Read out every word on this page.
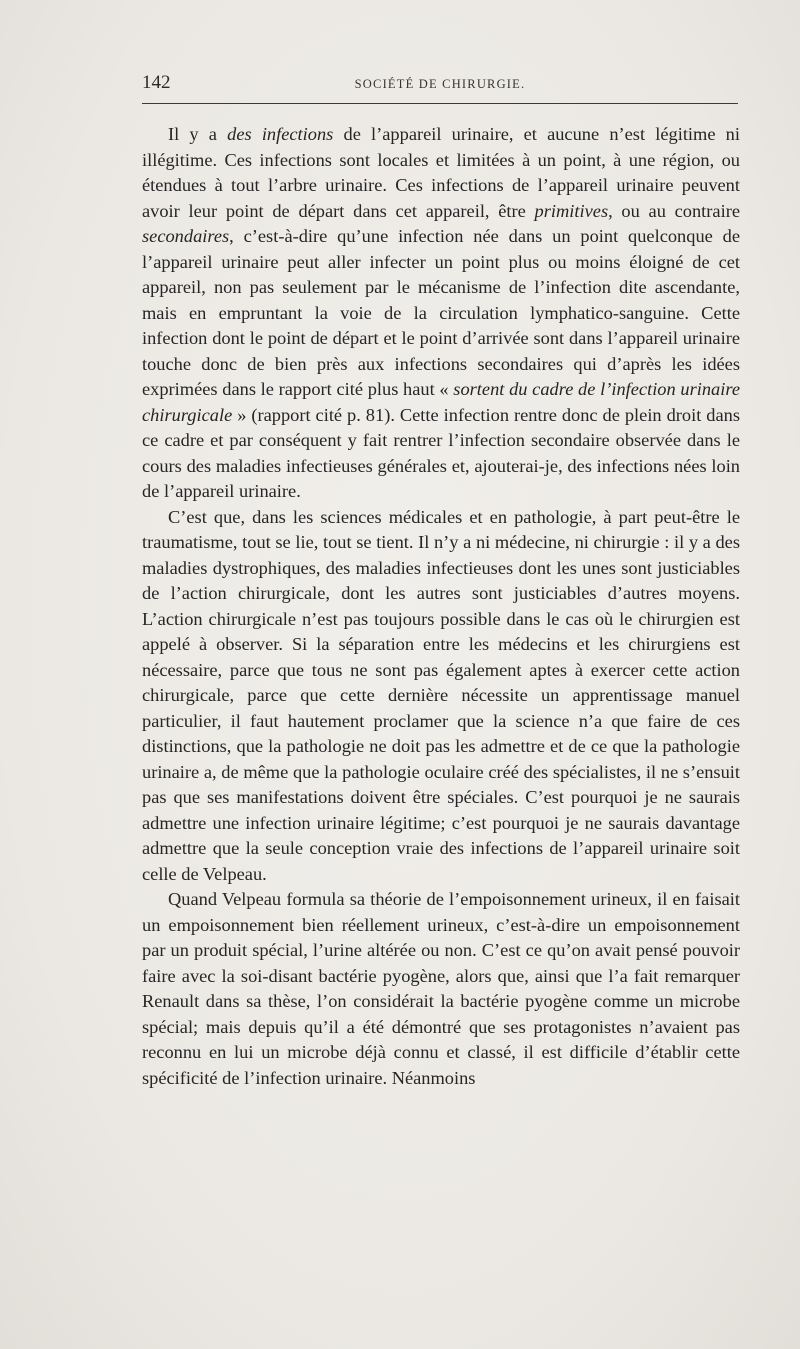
142	SOCIÉTÉ DE CHIRURGIE.

Il y a des infections de l’appareil urinaire, et aucune n’est légitime ni illégitime. Ces infections sont locales et limitées à un point, à une région, ou étendues à tout l’arbre urinaire. Ces infections de l’appareil urinaire peuvent avoir leur point de départ dans cet appareil, être primitives, ou au contraire secondaires, c’est-à-dire qu’une infection née dans un point quelconque de l’appareil urinaire peut aller infecter un point plus ou moins éloigné de cet appareil, non pas seulement par le mécanisme de l’infection dite ascendante, mais en empruntant la voie de la circulation lymphatico-sanguine. Cette infection dont le point de départ et le point d’arrivée sont dans l’appareil urinaire touche donc de bien près aux infections secondaires qui d’après les idées exprimées dans le rapport cité plus haut « sortent du cadre de l’infection urinaire chirurgicale » (rapport cité p. 81). Cette infection rentre donc de plein droit dans ce cadre et par conséquent y fait rentrer l’infection secondaire observée dans le cours des maladies infectieuses générales et, ajouterai-je, des infections nées loin de l’appareil urinaire.

C’est que, dans les sciences médicales et en pathologie, à part peut-être le traumatisme, tout se lie, tout se tient. Il n’y a ni médecine, ni chirurgie : il y a des maladies dystrophiques, des maladies infectieuses dont les unes sont justiciables de l’action chirurgicale, dont les autres sont justiciables d’autres moyens. L’action chirurgicale n’est pas toujours possible dans le cas où le chirurgien est appelé à observer. Si la séparation entre les médecins et les chirurgiens est nécessaire, parce que tous ne sont pas également aptes à exercer cette action chirurgicale, parce que cette dernière nécessite un apprentissage manuel particulier, il faut hautement proclamer que la science n’a que faire de ces distinctions, que la pathologie ne doit pas les admettre et de ce que la pathologie urinaire a, de même que la pathologie oculaire créé des spécialistes, il ne s’ensuit pas que ses manifestations doivent être spéciales. C’est pourquoi je ne saurais admettre une infection urinaire légitime; c’est pourquoi je ne saurais davantage admettre que la seule conception vraie des infections de l’appareil urinaire soit celle de Velpeau.

Quand Velpeau formula sa théorie de l’empoisonnement urineux, il en faisait un empoisonnement bien réellement urineux, c’est-à-dire un empoisonnement par un produit spécial, l’urine altérée ou non. C’est ce qu’on avait pensé pouvoir faire avec la soi-disant bactérie pyogène, alors que, ainsi que l’a fait remarquer Renault dans sa thèse, l’on considérait la bactérie pyogène comme un microbe spécial; mais depuis qu’il a été démontré que ses protagonistes n’avaient pas reconnu en lui un microbe déjà connu et classé, il est difficile d’établir cette spécificité de l’infection urinaire. Néanmoins
